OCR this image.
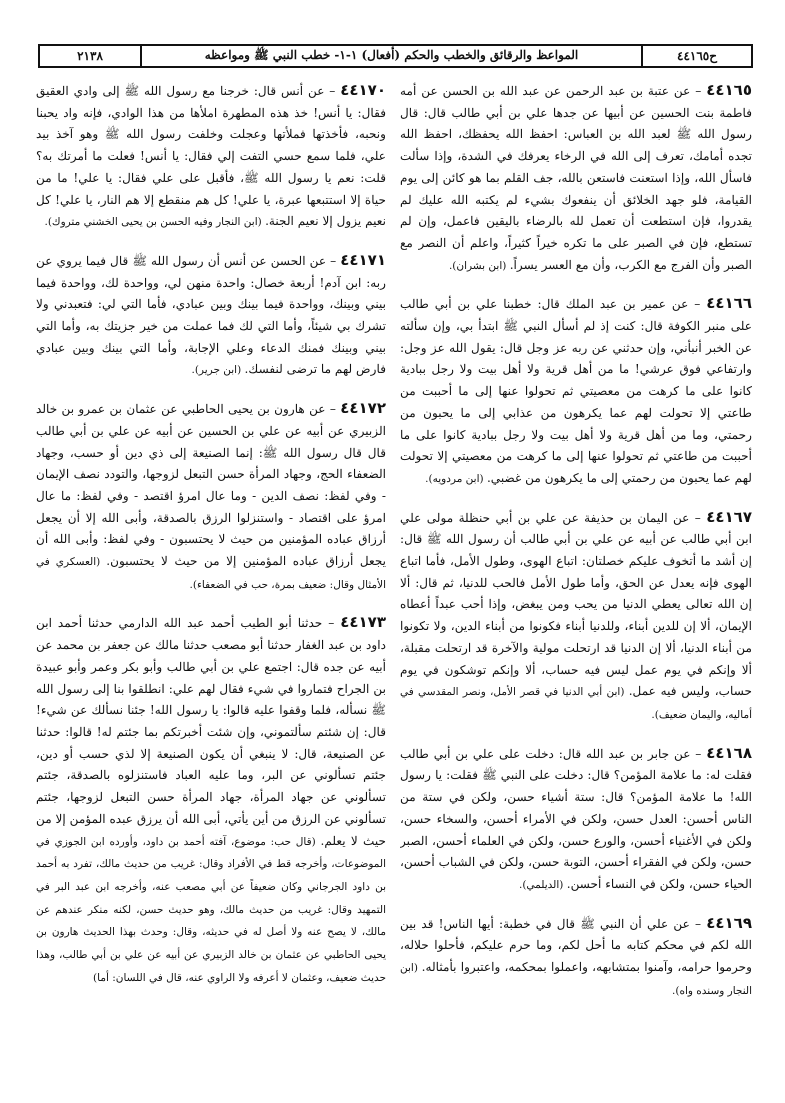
ح٤٤١٦٥
المواعظ والرقائق والخطب والحكم (أفعال) ١-١- خطب النبي ﷺ ومواعظه
٢١٣٨

٤٤١٦٥ – عن عتبة بن عبد الرحمن عن عبد الله بن الحسن عن أمه فاطمة بنت الحسين عن أبيها عن جدها علي بن أبي طالب قال: قال رسول الله ﷺ لعبد الله بن العباس: احفظ الله يحفظك، احفظ الله تجده أمامك، تعرف إلى الله في الرخاء يعرفك في الشدة، وإذا سألت فاسأل الله، وإذا استعنت فاستعن بالله، جف القلم بما هو كائن إلى يوم القيامة، فلو جهد الخلائق أن ينفعوك بشيء لم يكتبه الله عليك لم يقدروا، فإن استطعت أن تعمل لله بالرضاء باليقين فاعمل، وإن لم تستطع، فإن في الصبر على ما تكره خيراً كثيراً، واعلم أن النصر مع الصبر وأن الفرج مع الكرب، وأن مع العسر يسراً. (ابن بشران).

٤٤١٦٦ – عن عمير بن عبد الملك قال: خطبنا علي بن أبي طالب على منبر الكوفة قال: كنت إذ لم أسأل النبي ﷺ ابتدأ بي، وإن سألته عن الخبر أنبأني، وإن حدثني عن ربه عز وجل قال: يقول الله عز وجل: وارتفاعي فوق عرشي! ما من أهل قرية ولا أهل بيت ولا رجل ببادية كانوا على ما كرهت من معصيتي ثم تحولوا عنها إلى ما أحببت من طاعتي إلا تحولت لهم عما يكرهون من عذابي إلى ما يحبون من رحمتي، وما من أهل قرية ولا أهل بيت ولا رجل ببادية كانوا على ما أحببت من طاعتي ثم تحولوا عنها إلى ما كرهت من معصيتي إلا تحولت لهم عما يحبون من رحمتي إلى ما يكرهون من غضبي. (ابن مردويه).

٤٤١٦٧ – عن اليمان بن حذيفة عن علي بن أبي حنظلة مولى علي ابن أبي طالب عن أبيه عن علي بن أبي طالب أن رسول الله ﷺ قال: إن أشد ما أتخوف عليكم خصلتان: اتباع الهوى، وطول الأمل، فأما اتباع الهوى فإنه يعدل عن الحق، وأما طول الأمل فالحب للدنيا، ثم قال: ألا إن الله تعالى يعطي الدنيا من يحب ومن يبغض، وإذا أحب عبداً أعطاه الإيمان، ألا إن للدين أبناء، وللدنيا أبناء فكونوا من أبناء الدين، ولا تكونوا من أبناء الدنيا، ألا إن الدنيا قد ارتحلت مولية والآخرة قد ارتحلت مقبلة، ألا وإنكم في يوم عمل ليس فيه حساب، ألا وإنكم توشكون في يوم حساب، وليس فيه عمل. (ابن أبي الدنيا في قصر الأمل، ونصر المقدسي في أماليه، واليمان ضعيف).

٤٤١٦٨ – عن جابر بن عبد الله قال: دخلت على علي بن أبي طالب فقلت له: ما علامة المؤمن؟ قال: دخلت على النبي ﷺ فقلت: يا رسول الله! ما علامة المؤمن؟ قال: ستة أشياء حسن، ولكن في ستة من الناس أحسن: العدل حسن، ولكن في الأمراء أحسن، والسخاء حسن، ولكن في الأغنياء أحسن، والورع حسن، ولكن في العلماء أحسن، الصبر حسن، ولكن في الفقراء أحسن، التوبة حسن، ولكن في الشباب أحسن، الحياء حسن، ولكن في النساء أحسن. (الديلمي).

٤٤١٦٩ – عن علي أن النبي ﷺ قال في خطبة: أيها الناس! قد بين الله لكم في محكم كتابه ما أحل لكم، وما حرم عليكم، فأحلوا حلاله، وحرموا حرامه، وآمنوا بمتشابهه، واعملوا بمحكمه، واعتبروا بأمثاله. (ابن النجار وسنده واه).

٤٤١٧٠ – عن أنس قال: خرجنا مع رسول الله ﷺ إلى وادي العقيق فقال: يا أنس! خذ هذه المطهرة املأها من هذا الوادي، فإنه واد يحبنا ونحبه، فأخذتها فملأتها وعجلت وخلفت رسول الله ﷺ وهو آخذ بيد علي، فلما سمع حسي التفت إلي فقال: يا أنس! فعلت ما أمرتك به؟ قلت: نعم يا رسول الله ﷺ، فأقبل على علي فقال: يا علي! ما من حياة إلا استتبعها عبرة، يا علي! كل هم منقطع إلا هم النار، يا علي! كل نعيم يزول إلا نعيم الجنة. (ابن النجار وفيه الحسن بن يحيى الخشني متروك).

٤٤١٧١ – عن الحسن عن أنس أن رسول الله ﷺ قال فيما يروي عن ربه: ابن آدم! أربعة خصال: واحدة منهن لي، وواحدة لك، وواحدة فيما بيني وبينك، وواحدة فيما بينك وبين عبادي، فأما التي لي: فتعبدني ولا تشرك بي شيئاً، وأما التي لك فما عملت من خير جزيتك به، وأما التي بيني وبينك فمنك الدعاء وعلي الإجابة، وأما التي بينك وبين عبادي فارض لهم ما ترضى لنفسك. (ابن جرير).

٤٤١٧٢ – عن هارون بن يحيى الحاطبي عن عثمان بن عمرو بن خالد الزبيري عن أبيه عن علي بن الحسين عن أبيه عن علي بن أبي طالب قال قال رسول الله ﷺ: إنما الصنيعة إلى ذي دين أو حسب، وجهاد الضعفاء الحج، وجهاد المرأة حسن التبعل لزوجها، والتودد نصف الإيمان - وفي لفظ: نصف الدين - وما عال امرؤ اقتصد - وفي لفظ: ما عال امرؤ على اقتصاد - واستنزلوا الرزق بالصدقة، وأبى الله إلا أن يجعل أرزاق عباده المؤمنين من حيث لا يحتسبون - وفي لفظ: وأبى الله أن يجعل أرزاق عباده المؤمنين إلا من حيث لا يحتسبون. (العسكري في الأمثال وقال: ضعيف بمرة، حب في الضعفاء).

٤٤١٧٣ – حدثنا أبو الطيب أحمد عبد الله الدارمي حدثنا أحمد ابن داود بن عبد الغفار حدثنا أبو مصعب حدثنا مالك عن جعفر بن محمد عن أبيه عن جده قال: اجتمع علي بن أبي طالب وأبو بكر وعمر وأبو عبيدة بن الجراح فتماروا في شيء فقال لهم علي: انطلقوا بنا إلى رسول الله ﷺ نسأله، فلما وقفوا عليه قالوا: يا رسول الله! جئنا نسألك عن شيء! قال: إن شئتم سألتموني، وإن شئت أخبرتكم بما جئتم له! قالوا: حدثنا عن الصنيعة، قال: لا ينبغي أن يكون الصنيعة إلا لذي حسب أو دين، جئتم تسألوني عن البر، وما عليه العباد فاستنزلوه بالصدقة، جئتم تسألوني عن جهاد المرأة، جهاد المرأة حسن التبعل لزوجها، جئتم تسألوني عن الرزق من أين يأتي، أبى الله أن يرزق عبده المؤمن إلا من حيث لا يعلم. (قال حب: موضوع، آفته أحمد بن داود، وأورده ابن الجوزي في الموضوعات، وأخرجه قط في الأفراد وقال: غريب من حديث مالك، تفرد به أحمد بن داود الجرجاني وكان ضعيفاً عن أبي مصعب عنه، وأخرجه ابن عبد البر في التمهيد وقال: غريب من حديث مالك، وهو حديث حسن، لكنه منكر عندهم عن مالك، لا يصح عنه ولا أصل له في حديثه، وقال: وحدث بهذا الحديث هارون بن يحيى الحاطبي عن عثمان بن خالد الزبيري عن أبيه عن علي بن أبي طالب، وهذا حديث ضعيف، وعثمان لا أعرفه ولا الراوي عنه، قال في اللسان: أما)
